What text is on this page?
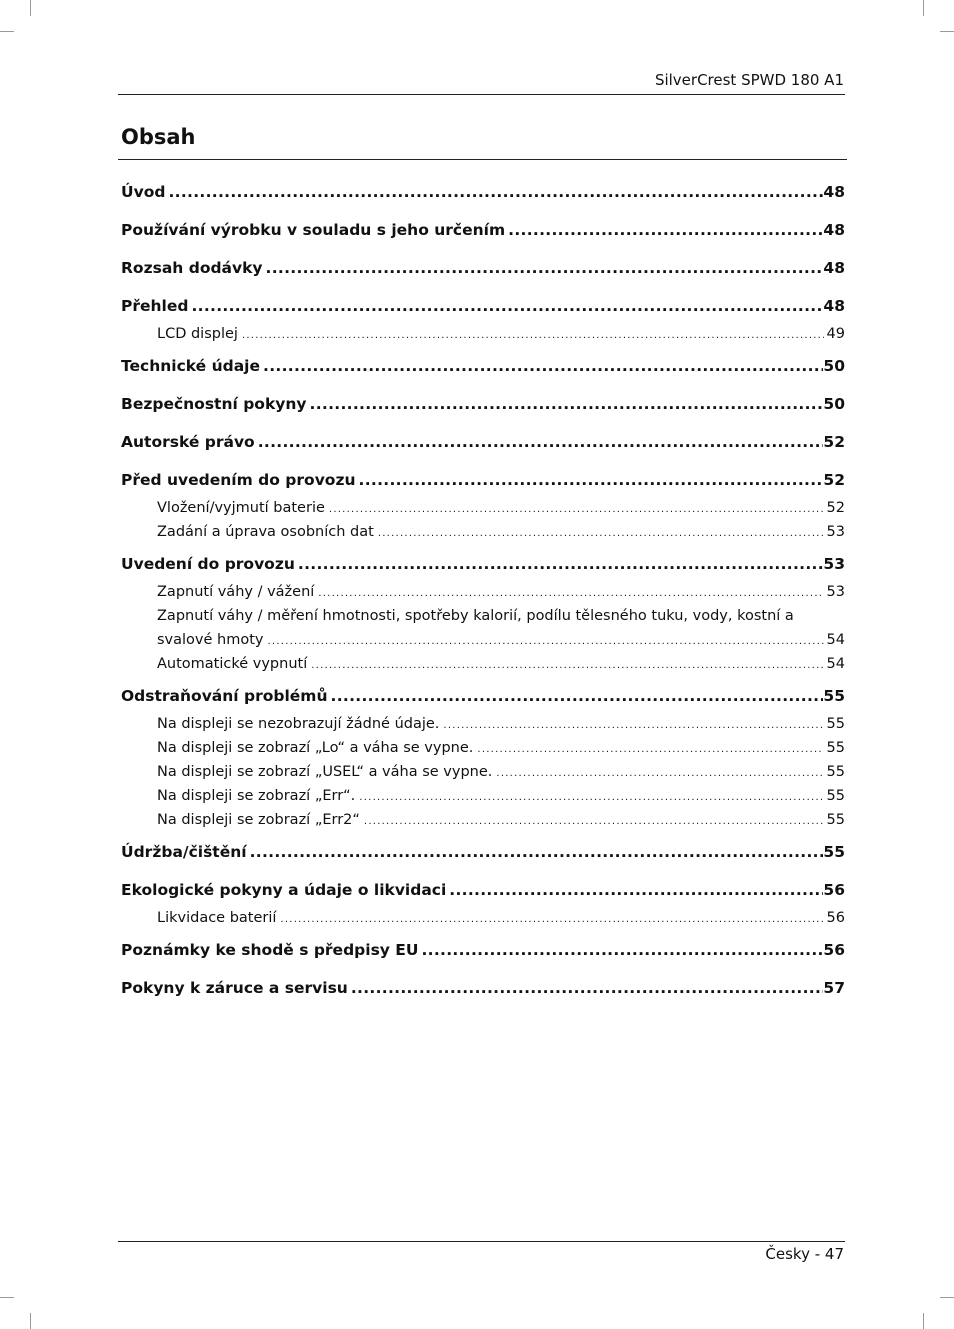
SilverCrest SPWD 180 A1
Obsah
Úvod .....	48
Používání výrobku v souladu s jeho určením .....	48
Rozsah dodávky .....	48
Přehled .....	48
LCD displej .....	49
Technické údaje .....	50
Bezpečnostní pokyny .....	50
Autorské právo .....	52
Před uvedením do provozu .....	52
Vložení/vyjmutí baterie .....	52
Zadání a úprava osobních dat .....	53
Uvedení do provozu .....	53
Zapnutí váhy / vážení .....	53
Zapnutí váhy / měření hmotnosti, spotřeby kalorií, podílu tělesného tuku, vody, kostní a
svalové hmoty .....	54
Automatické vypnutí .....	54
Odstraňování problémů .....	55
Na displeji se nezobrazují žádné údaje. .....	55
Na displeji se zobrazí „Lo“ a váha se vypne. .....	55
Na displeji se zobrazí „USEL“ a váha se vypne. .....	55
Na displeji se zobrazí „Err“. .....	55
Na displeji se zobrazí „Err2“ .....	55
Údržba/čištění .....	55
Ekologické pokyny a údaje o likvidaci .....	56
Likvidace baterií .....	56
Poznámky ke shodě s předpisy EU .....	56
Pokyny k záruce a servisu .....	57
Česky - 47
